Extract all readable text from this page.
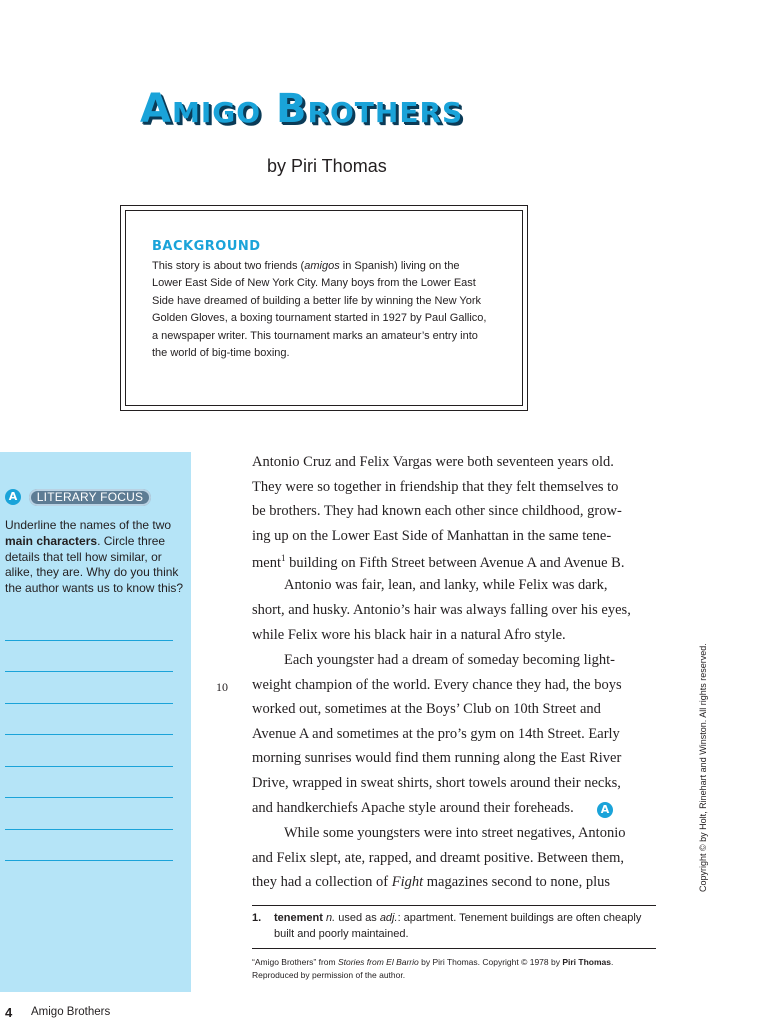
Amigo Brothers

by Piri Thomas

BACKGROUND

This story is about two friends (amigos in Spanish) living on the Lower East Side of New York City. Many boys from the Lower East Side have dreamed of building a better life by winning the New York Golden Gloves, a boxing tournament started in 1927 by Paul Gallico, a newspaper writer. This tournament marks an amateur’s entry into the world of big-time boxing.

A	LITERARY FOCUS

Underline the names of the two main characters. Circle three details that tell how similar, or alike, they are. Why do you think the author wants us to know this?

Antonio Cruz and Felix Vargas were both seventeen years old.

They were so together in friendship that they felt themselves to

be brothers. They had known each other since childhood, grow-

ing up on the Lower East Side of Manhattan in the same tene-

ment$^1$ building on Fifth Street between Avenue A and Avenue B.

Antonio was fair, lean, and lanky, while Felix was dark,

short, and husky. Antonio’s hair was always falling over his eyes,

while Felix wore his black hair in a natural Afro style.

Each youngster had a dream of someday becoming light-

weight champion of the world. Every chance they had, the boys

worked out, sometimes at the Boys’ Club on 10th Street and

Avenue A and sometimes at the pro’s gym on 14th Street. Early

morning sunrises would find them running along the East River

Drive, wrapped in sweat shirts, short towels around their necks,

and handkerchiefs Apache style around their foreheads.

While some youngsters were into street negatives, Antonio

and Felix slept, ate, rapped, and dreamt positive. Between them,

they had a collection of Fight magazines second to none, plus

10
A

1. tenement n. used as adj.: apartment. Tenement buildings are often cheaply built and poorly maintained.

“Amigo Brothers” from Stories from El Barrio by Piri Thomas. Copyright © 1978 by Piri Thomas. Reproduced by permission of the author.

Copyright © by Holt, Rinehart and Winston. All rights reserved.
4 Amigo Brothers
